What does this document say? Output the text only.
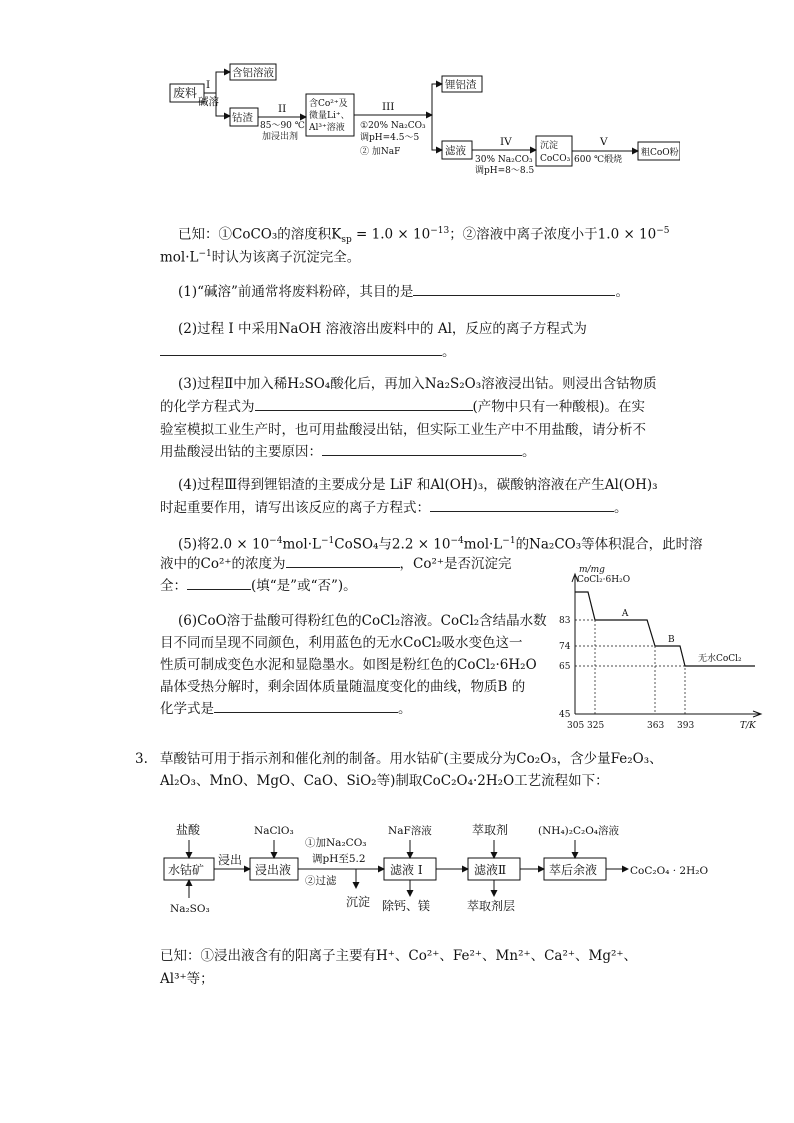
废料
I
碱溶
含铝溶液
钴渣
II
85～90 ℃
加浸出剂
含Co²⁺及
微量Li⁺、
Al³⁺溶液
III
①20% Na₂CO₃
调pH=4.5～5
② 加NaF
锂铝渣
滤液
IV
30% Na₂CO₃
调pH=8～8.5
沉淀
CoCO₃
V
600 ℃煅烧
粗CoO粉
已知：①CoCO₃的溶度积$K_{sp} = 1.0 \times 10^{-13}$；②溶液中离子浓度小于$1.0 \times 10^{-5}$
$mol\cdot L^{-1}$时认为该离子沉淀完全。
(1)“碱溶”前通常将废料粉碎，其目的是	。
(2)过程 I 中采用NaOH 溶液溶出废料中的 Al，反应的离子方程式为
。
(3)过程Ⅱ中加入稀H₂SO₄酸化后，再加入Na₂S₂O₃溶液浸出钴。则浸出含钴物质
的化学方程式为	(产物中只有一种酸根)。在实
验室模拟工业生产时，也可用盐酸浸出钴，但实际工业生产中不用盐酸，请分析不
用盐酸浸出钴的主要原因：	。
(4)过程Ⅲ得到锂铝渣的主要成分是 LiF 和Al(OH)₃，碳酸钠溶液在产生Al(OH)₃
时起重要作用，请写出该反应的离子方程式：	。
(5)将$2.0 \times 10^{-4}mol\cdot L^{-1}CoSO_4$与$2.2 \times 10^{-4}mol\cdot L^{-1}$的Na₂CO₃等体积混合，此时溶
液中的Co²⁺的浓度为	，Co²⁺是否沉淀完
全：	(填“是”或“否”)。
(6)CoO溶于盐酸可得粉红色的CoCl₂溶液。CoCl₂含结晶水数
目不同而呈现不同颜色，利用蓝色的无水CoCl₂吸水变色这一
性质可制成变色水泥和显隐墨水。如图是粉红色的CoCl₂·6H₂O
晶体受热分解时，剩余固体质量随温度变化的曲线，物质B 的
化学式是	。
m/mg
CoCl₂·6H₂O
A
B
无水CoCl₂
T/K
83
74
65
45
305 325	363 393
3. 草酸钴可用于指示剂和催化剂的制备。用水钴矿(主要成分为Co₂O₃，含少量Fe₂O₃、
Al₂O₃、MnO、MgO、CaO、SiO₂等)制取CoC₂O₄·2H₂O工艺流程如下：
盐酸
水钴矿
Na₂SO₃
浸出
NaClO₃
浸出液
①加Na₂CO₃
调pH至5.2
②过滤
沉淀
NaF溶液
滤液 I
除钙、镁
萃取剂
滤液Ⅱ
萃取剂层
(NH₄)₂C₂O₄溶液
萃后余液	CoC₂O₄ · 2H₂O
已知：①浸出液含有的阳离子主要有H⁺、Co²⁺、Fe²⁺、Mn²⁺、Ca²⁺、Mg²⁺、
Al³⁺等；
